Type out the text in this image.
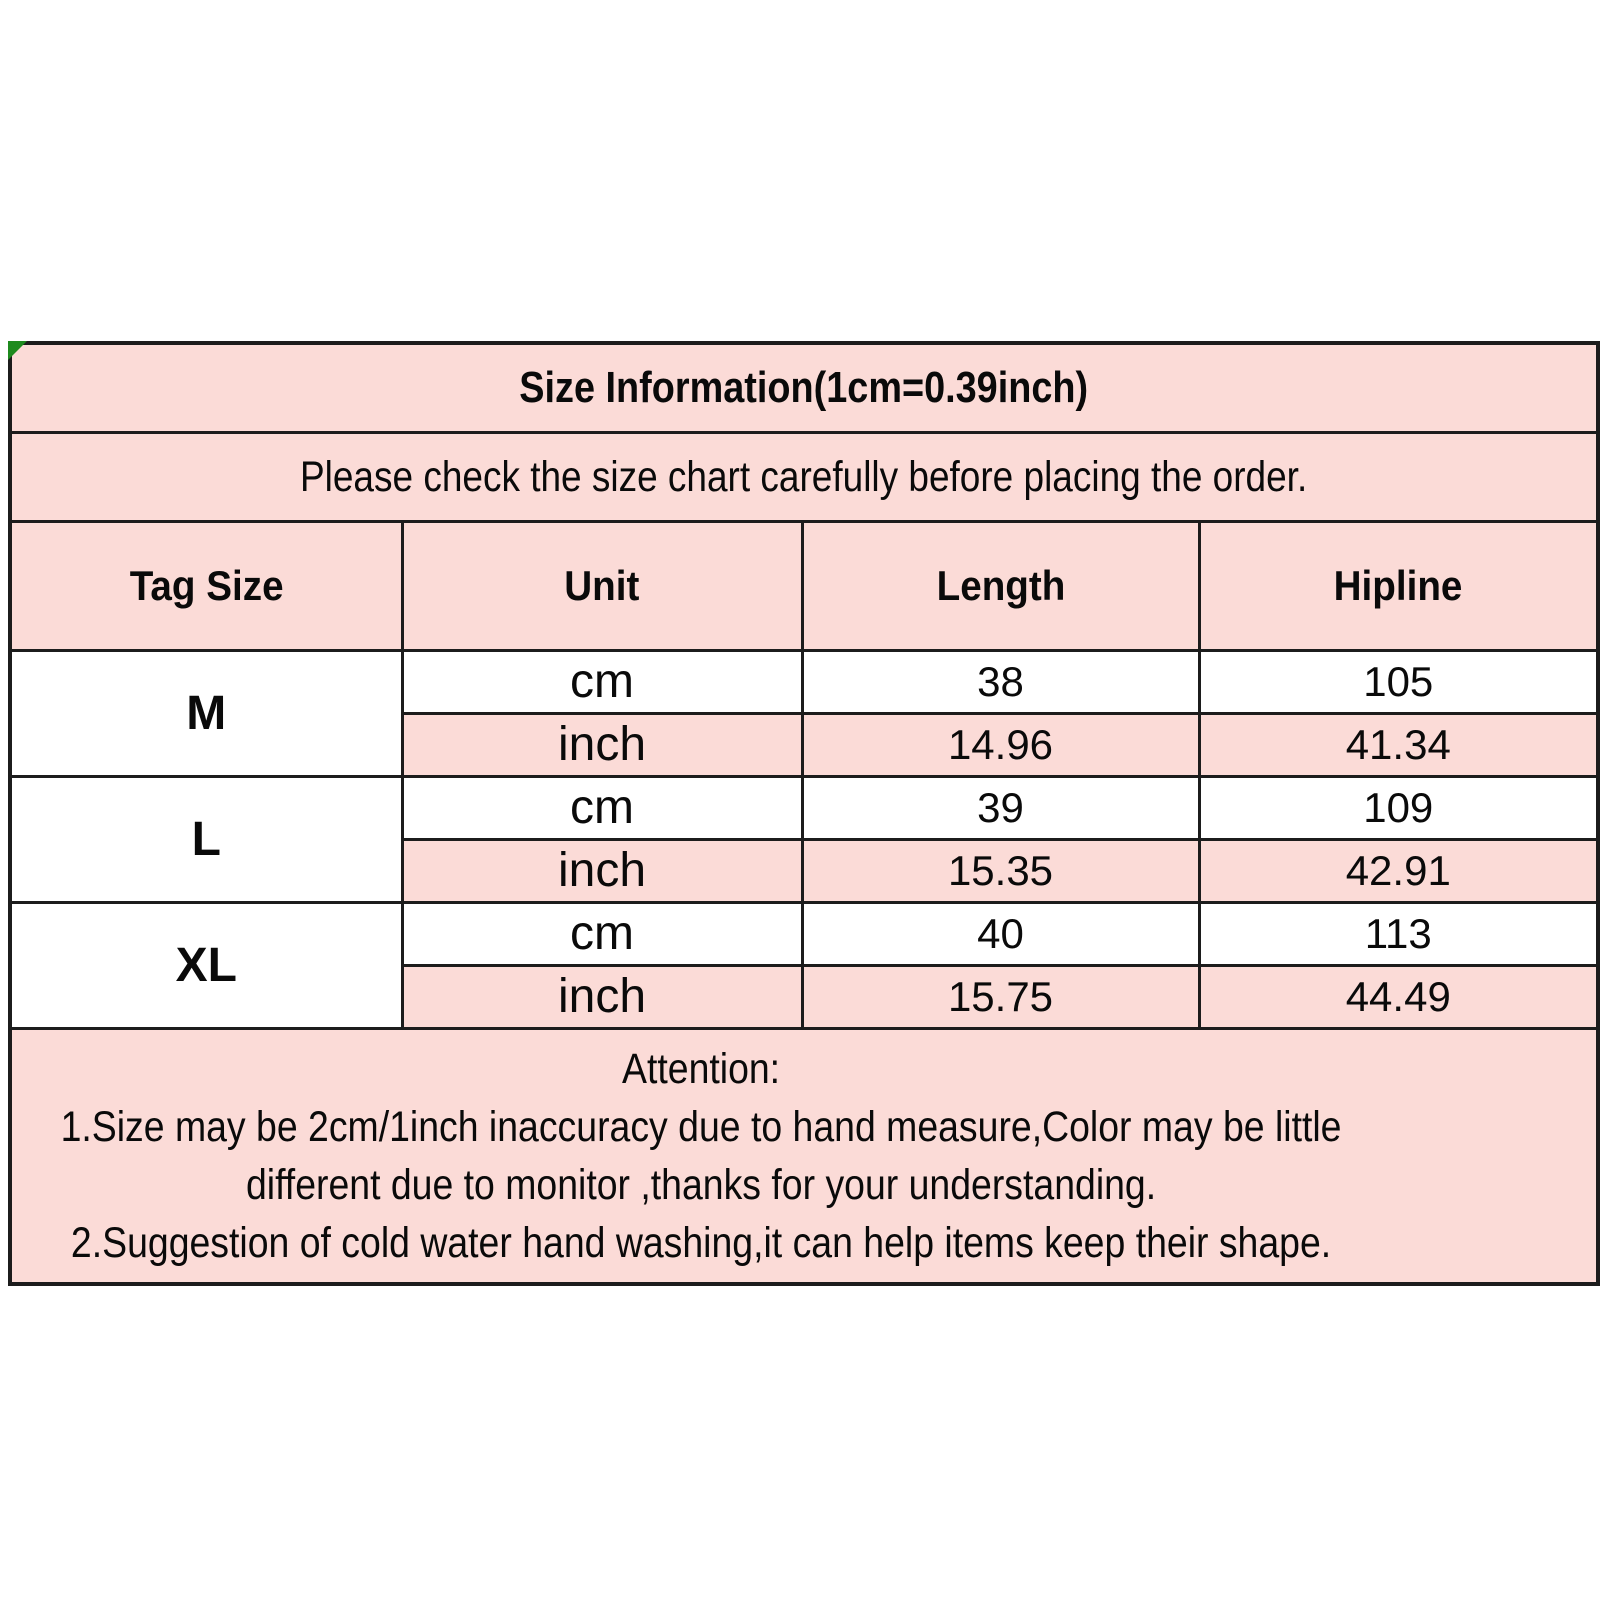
Size Information(1cm=0.39inch)			
Please check the size chart carefully before placing the order.			
Tag Size	Unit	Length	Hipline
M	cm	38	105
	inch	14.96	41.34
L	cm	39	109
	inch	15.35	42.91
XL	cm	40	113
	inch	15.75	44.49

Attention:
1.Size may be 2cm/1inch inaccuracy due to hand measure,Color may be little
different due to monitor ,thanks for your understanding.
2.Suggestion of cold water hand washing,it can help items keep their shape.			
